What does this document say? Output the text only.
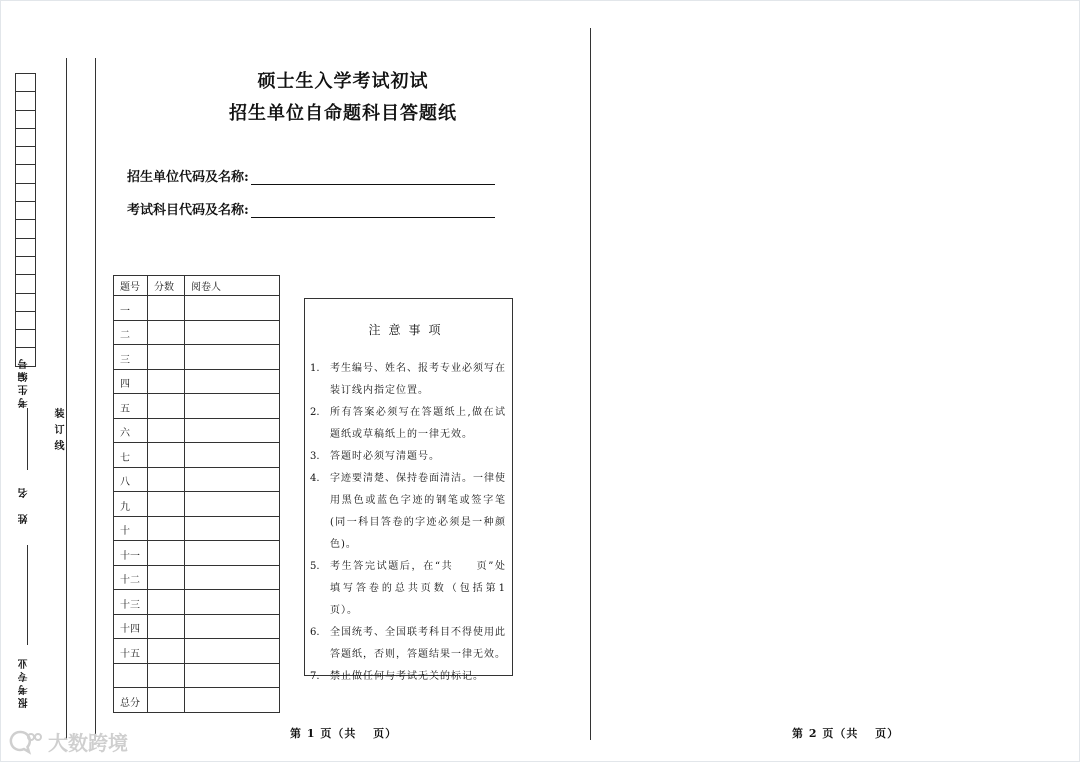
考生编号
姓　名
报考专业
装订线
硕士生入学考试初试
招生单位自命题科目答题纸
招生单位代码及名称:
考试科目代码及名称:
题号	分数	阅卷人
一		
二		
三		
四		
五		
六		
七		
八		
九		
十		
十一		
十二		
十三		
十四		
十五		

总分		
注意事项
1.	考生编号、姓名、报考专业必须写在装订线内指定位置。
2.	所有答案必须写在答题纸上,做在试题纸或草稿纸上的一律无效。
3.	答题时必须写清题号。
4.	字迹要清楚、保持卷面清洁。一律使用黑色或蓝色字迹的钢笔或签字笔(同一科目答卷的字迹必须是一种颜色)。
5.	考生答完试题后，在“共　　页”处填写答卷的总共页数（包括第1页）。
6.	全国统考、全国联考科目不得使用此答题纸，否则，答题结果一律无效。
7.	禁止做任何与考试无关的标记。
第 1 页（共　 页）	第 2 页（共　 页）
大数跨境
